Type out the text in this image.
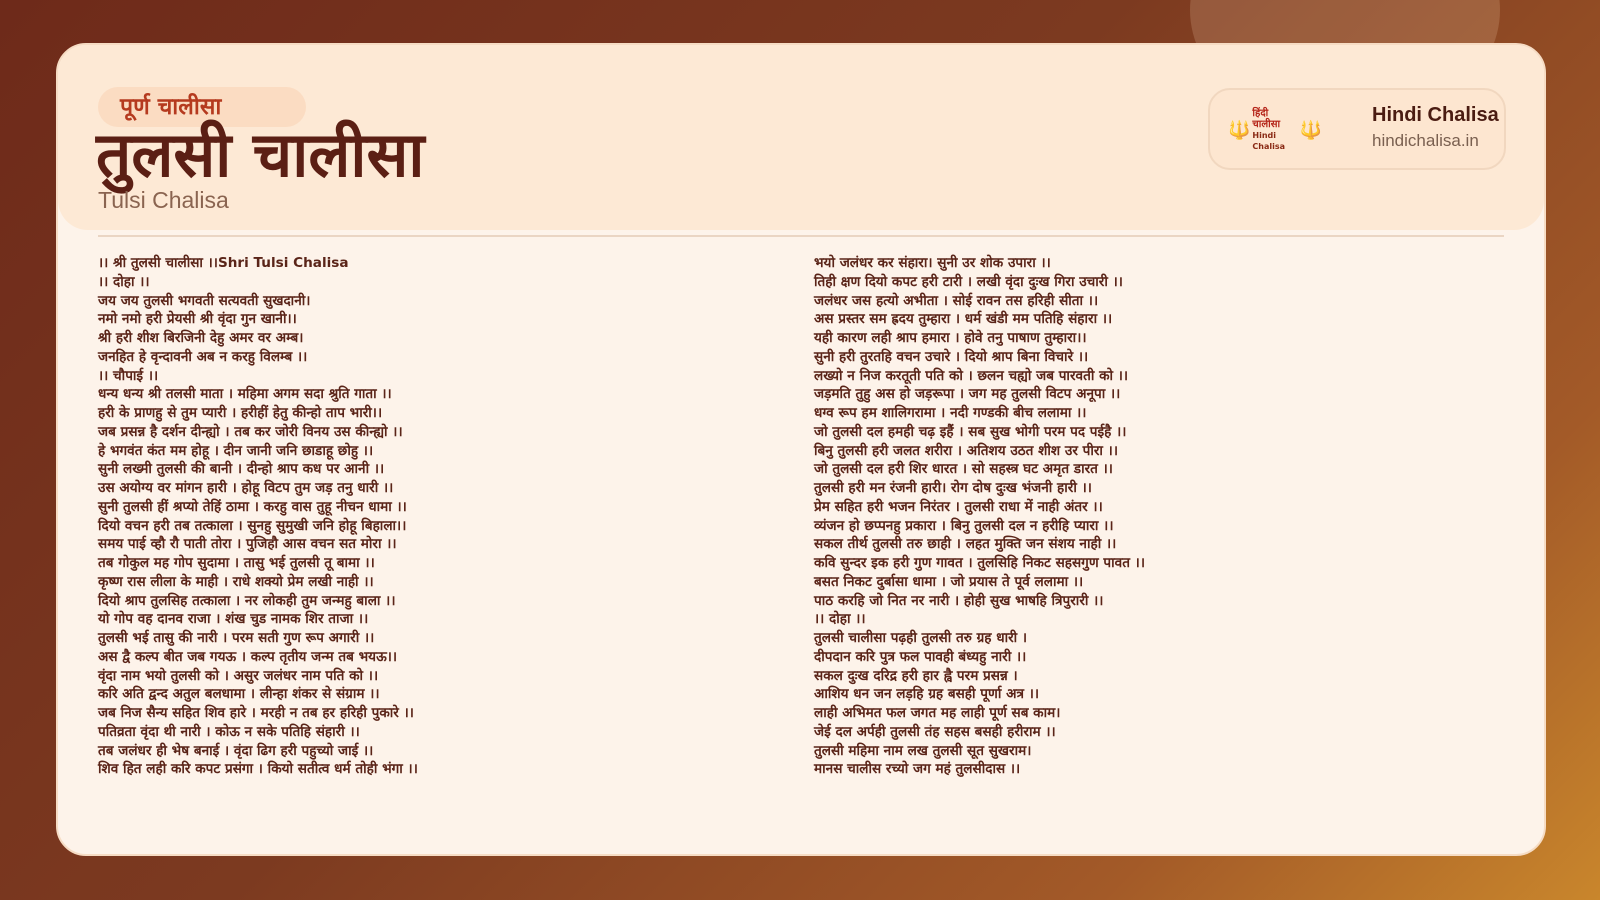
पूर्ण चालीसा
तुलसी चालीसा
Tulsi Chalisa
🔱
हिंदी चालीसा
Hindi Chalisa
🔱
Hindi Chalisa
hindichalisa.in
।। श्री तुलसी चालीसा ।।Shri Tulsi Chalisa
।। दोहा ।।
जय जय तुलसी भगवती सत्यवती सुखदानी।
नमो नमो हरी प्रेयसी श्री वृंदा गुन खानी।।
श्री हरी शीश बिरजिनी देहु अमर वर अम्ब।
जनहित हे वृन्दावनी अब न करहु विलम्ब ।।
।। चौपाई ।।
धन्य धन्य श्री तलसी माता । महिमा अगम सदा श्रुति गाता ।।
हरी के प्राणहु से तुम प्यारी । हरीहीं हेतु कीन्हो ताप भारी।।
जब प्रसन्न है दर्शन दीन्ह्यो । तब कर जोरी विनय उस कीन्ह्यो ।।
हे भगवंत कंत मम होहू । दीन जानी जनि छाडाहू छोहु ।।
सुनी लख्मी तुलसी की बानी । दीन्हो श्राप कध पर आनी ।।
उस अयोग्य वर मांगन हारी । होहू विटप तुम जड़ तनु धारी ।।
सुनी तुलसी हीं श्रप्यो तेहिं ठामा । करहु वास तुहू नीचन धामा ।।
दियो वचन हरी तब तत्काला । सुनहु सुमुखी जनि होहू बिहाला।।
समय पाई व्हौ रौ पाती तोरा । पुजिहौ आस वचन सत मोरा ।।
तब गोकुल मह गोप सुदामा । तासु भई तुलसी तू बामा ।।
कृष्ण रास लीला के माही । राधे शक्यो प्रेम लखी नाही ।।
दियो श्राप तुलसिह तत्काला । नर लोकही तुम जन्महु बाला ।।
यो गोप वह दानव राजा । शंख चुड नामक शिर ताजा ।।
तुलसी भई तासु की नारी । परम सती गुण रूप अगारी ।।
अस द्वै कल्प बीत जब गयऊ । कल्प तृतीय जन्म तब भयऊ।।
वृंदा नाम भयो तुलसी को । असुर जलंधर नाम पति को ।।
करि अति द्वन्द अतुल बलधामा । लीन्हा शंकर से संग्राम ।।
जब निज सैन्य सहित शिव हारे । मरही न तब हर हरिही पुकारे ।।
पतिव्रता वृंदा थी नारी । कोऊ न सके पतिहि संहारी ।।
तब जलंधर ही भेष बनाई । वृंदा ढिग हरी पहुच्यो जाई ।।
शिव हित लही करि कपट प्रसंगा । कियो सतीत्व धर्म तोही भंगा ।।
भयो जलंधर कर संहारा। सुनी उर शोक उपारा ।।
तिही क्षण दियो कपट हरी टारी । लखी वृंदा दुःख गिरा उचारी ।।
जलंधर जस हत्यो अभीता । सोई रावन तस हरिही सीता ।।
अस प्रस्तर सम ह्रदय तुम्हारा । धर्म खंडी मम पतिहि संहारा ।।
यही कारण लही श्राप हमारा । होवे तनु पाषाण तुम्हारा।।
सुनी हरी तुरतहि वचन उचारे । दियो श्राप बिना विचारे ।।
लख्यो न निज करतूती पति को । छलन चह्यो जब पारवती को ।।
जड़मति तुहु अस हो जड़रूपा । जग मह तुलसी विटप अनूपा ।।
धग्व रूप हम शालिगरामा । नदी गण्डकी बीच ललामा ।।
जो तुलसी दल हमही चढ़ इहैं । सब सुख भोगी परम पद पईहै ।।
बिनु तुलसी हरी जलत शरीरा । अतिशय उठत शीश उर पीरा ।।
जो तुलसी दल हरी शिर धारत । सो सहस्त्र घट अमृत डारत ।।
तुलसी हरी मन रंजनी हारी। रोग दोष दुःख भंजनी हारी ।।
प्रेम सहित हरी भजन निरंतर । तुलसी राधा में नाही अंतर ।।
व्यंजन हो छप्पनहु प्रकारा । बिनु तुलसी दल न हरीहि प्यारा ।।
सकल तीर्थ तुलसी तरु छाही । लहत मुक्ति जन संशय नाही ।।
कवि सुन्दर इक हरी गुण गावत । तुलसिहि निकट सहसगुण पावत ।।
बसत निकट दुर्बासा धामा । जो प्रयास ते पूर्व ललामा ।।
पाठ करहि जो नित नर नारी । होही सुख भाषहि त्रिपुरारी ।।
।। दोहा ।।
तुलसी चालीसा पढ़ही तुलसी तरु ग्रह धारी ।
दीपदान करि पुत्र फल पावही बंध्यहु नारी ।।
सकल दुःख दरिद्र हरी हार ह्वै परम प्रसन्न ।
आशिय धन जन लड़हि ग्रह बसही पूर्णा अत्र ।।
लाही अभिमत फल जगत मह लाही पूर्ण सब काम।
जेई दल अर्पही तुलसी तंह सहस बसही हरीराम ।।
तुलसी महिमा नाम लख तुलसी सूत सुखराम।
मानस चालीस रच्यो जग महं तुलसीदास ।।
